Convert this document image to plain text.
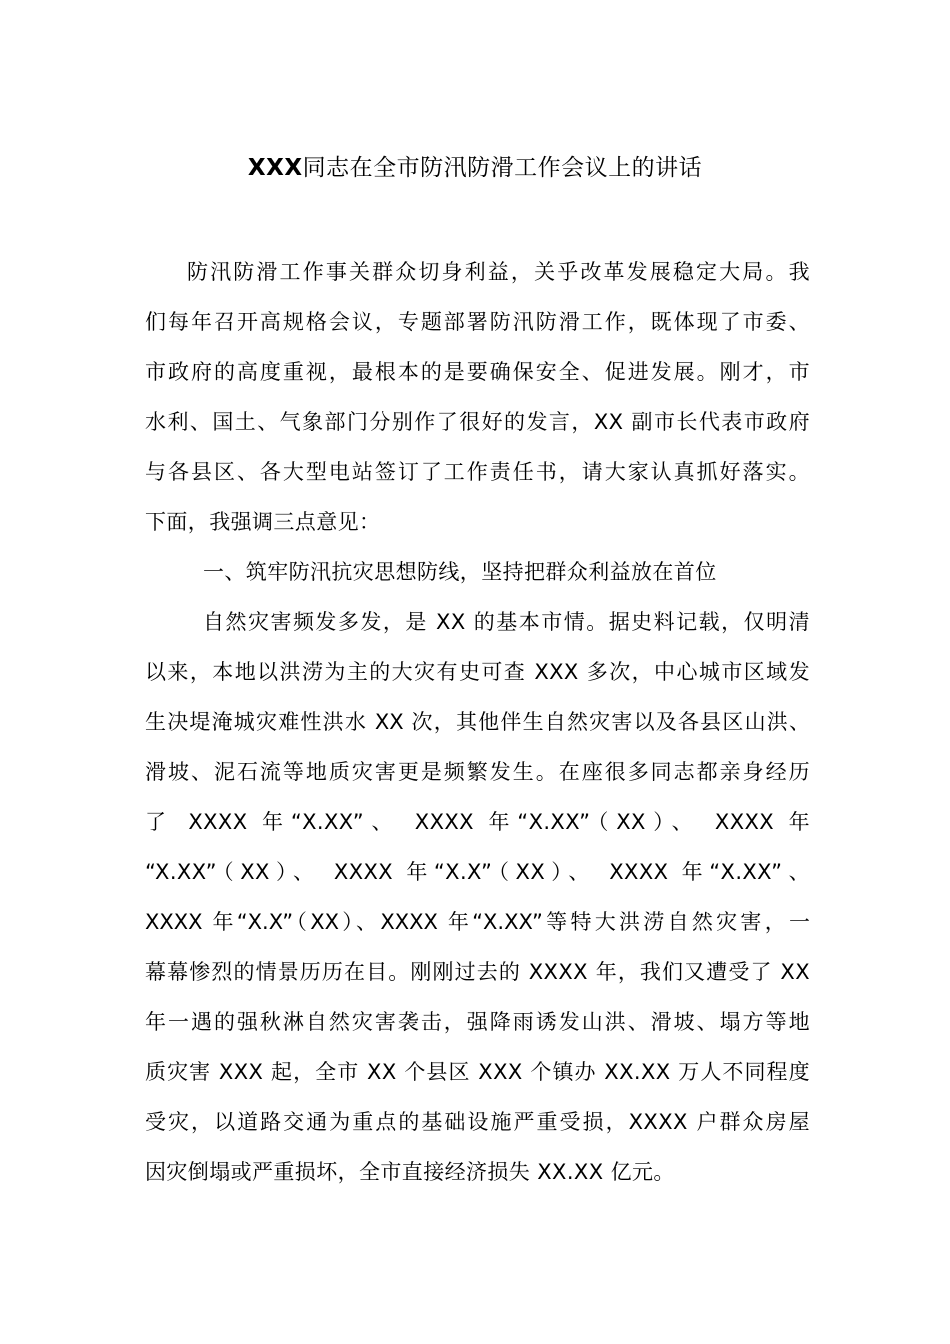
XXX同志在全市防汛防滑工作会议上的讲话
防汛防滑工作事关群众切身利益，关乎改革发展稳定大局。我
们每年召开高规格会议，专题部署防汛防滑工作，既体现了市委、
市政府的高度重视，最根本的是要确保安全、促进发展。刚才，市
水利、国土、气象部门分别作了很好的发言，XX 副市长代表市政府
与各县区、各大型电站签订了工作责任书，请大家认真抓好落实。
下面，我强调三点意见：
一、筑牢防汛抗灾思想防线，坚持把群众利益放在首位
自然灾害频发多发，是 XX 的基本市情。据史料记载，仅明清
以来，本地以洪涝为主的大灾有史可查 XXX 多次，中心城市区域发
生决堤淹城灾难性洪水 XX 次，其他伴生自然灾害以及各县区山洪、
滑坡、泥石流等地质灾害更是频繁发生。在座很多同志都亲身经历
了 XXXX 年“X.XX”、 XXXX 年“X.XX”（XX）、 XXXX 年
“X.XX”（XX）、 XXXX 年“X.X”（XX）、 XXXX 年“X.XX”、
XXXX 年“X.X”（XX）、XXXX 年“X.XX”等特大洪涝自然灾害，一
幕幕惨烈的情景历历在目。刚刚过去的 XXXX 年，我们又遭受了 XX
年一遇的强秋淋自然灾害袭击，强降雨诱发山洪、滑坡、塌方等地
质灾害 XXX 起，全市 XX 个县区 XXX 个镇办 XX.XX 万人不同程度
受灾，以道路交通为重点的基础设施严重受损，XXXX 户群众房屋
因灾倒塌或严重损坏，全市直接经济损失 XX.XX 亿元。
